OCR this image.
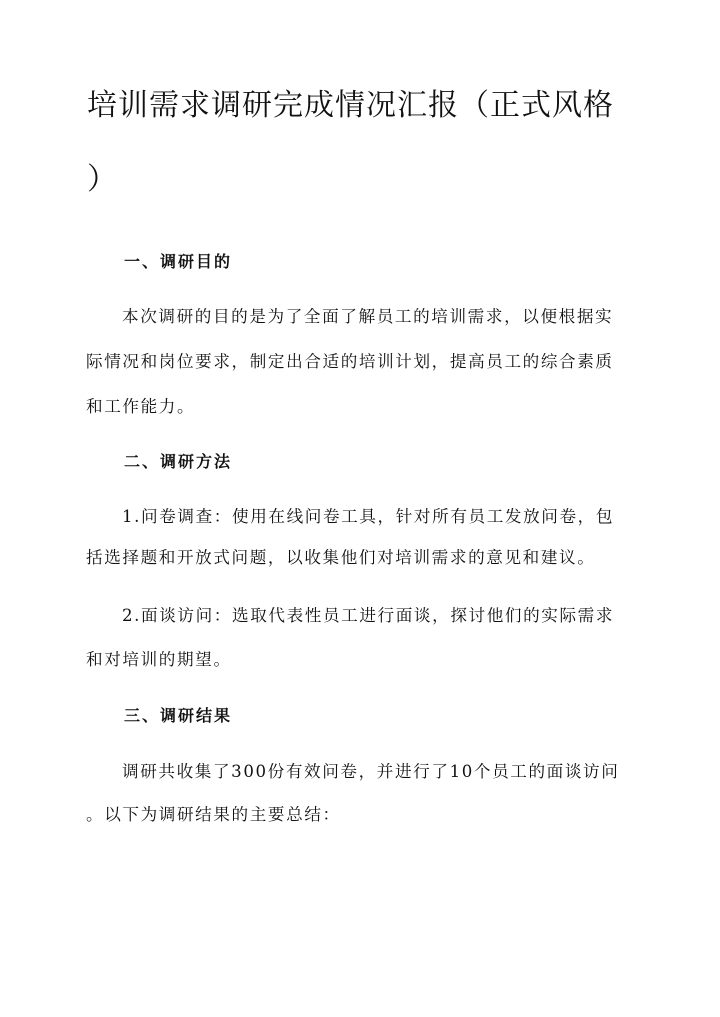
培训需求调研完成情况汇报（正式风格
）
一、调研目的

本次调研的目的是为了全面了解员工的培训需求，以便根据实

际情况和岗位要求，制定出合适的培训计划，提高员工的综合素质

和工作能力。

二、调研方法

1.问卷调查：使用在线问卷工具，针对所有员工发放问卷，包

括选择题和开放式问题，以收集他们对培训需求的意见和建议。

2.面谈访问：选取代表性员工进行面谈，探讨他们的实际需求

和对培训的期望。

三、调研结果

调研共收集了300份有效问卷，并进行了10个员工的面谈访问

。以下为调研结果的主要总结：
